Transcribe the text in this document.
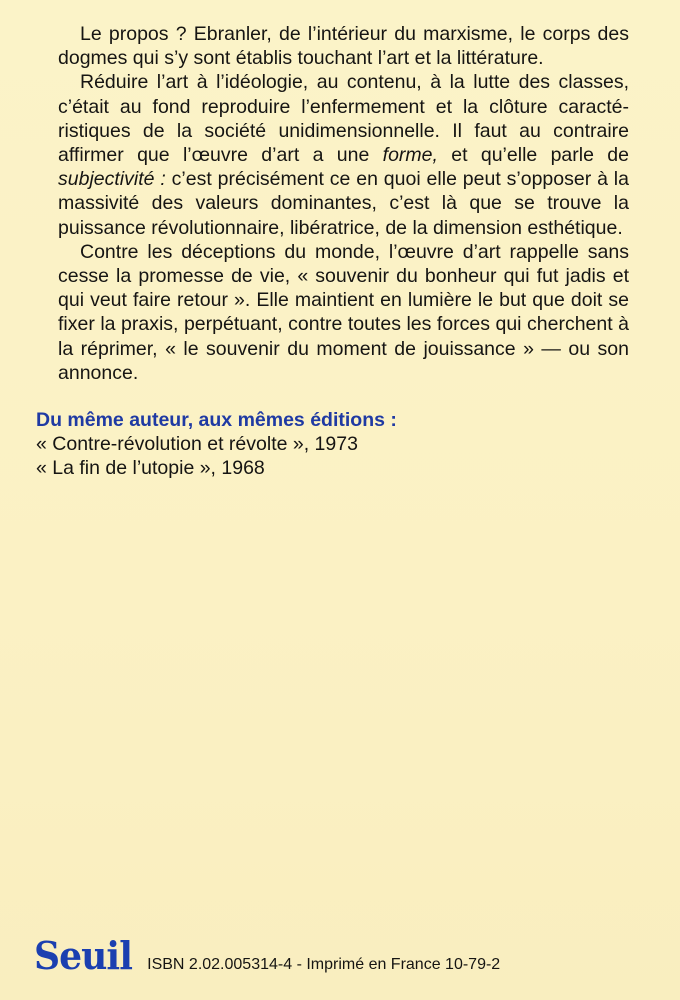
Le propos ? Ebranler, de l’intérieur du marxisme, le corps des dogmes qui s’y sont établis touchant l’art et la littérature.

Réduire l’art à l’idéologie, au contenu, à la lutte des classes, c’était au fond reproduire l’enfermement et la clôture caractéristiques de la société unidimensionnelle. Il faut au contraire affirmer que l’œuvre d’art a une forme, et qu’elle parle de subjectivité : c’est précisément ce en quoi elle peut s’opposer à la massivité des valeurs dominantes, c’est là que se trouve la puissance révolutionnaire, libératrice, de la dimension esthétique.

Contre les déceptions du monde, l’œuvre d’art rappelle sans cesse la promesse de vie, « souvenir du bonheur qui fut jadis et qui veut faire retour ». Elle maintient en lumière le but que doit se fixer la praxis, perpétuant, contre toutes les forces qui cherchent à la réprimer, « le souvenir du moment de jouissance » — ou son annonce.

Du même auteur, aux mêmes éditions :

« Contre-révolution et révolte », 1973

« La fin de l’utopie », 1968

Seuil ISBN 2.02.005314-4 - Imprimé en France 10-79-2
